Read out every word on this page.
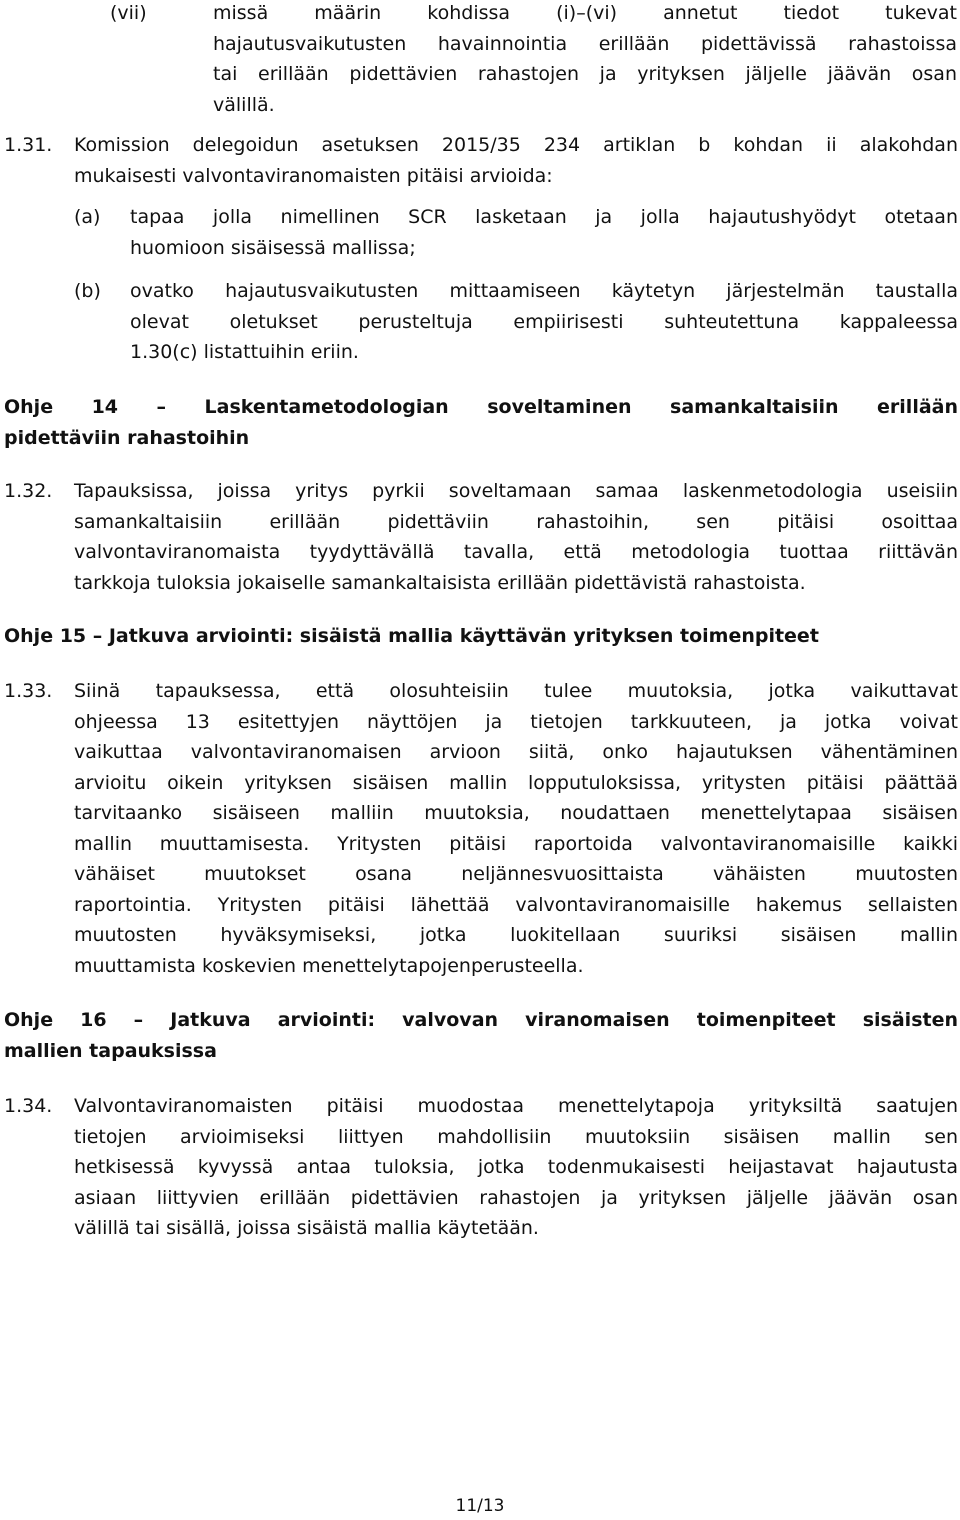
(vii)	missä määrin kohdissa (i)–(vi) annetut tiedot tukevat
hajautusvaikutusten havainnointia erillään pidettävissä rahastoissa
tai erillään pidettävien rahastojen ja yrityksen jäljelle jäävän osan
välillä.
1.31. Komission delegoidun asetuksen 2015/35 234 artiklan b kohdan ii alakohdan
mukaisesti valvontaviranomaisten pitäisi arvioida:
(a) tapaa jolla nimellinen SCR lasketaan ja jolla hajautushyödyt otetaan
huomioon sisäisessä mallissa;
(b) ovatko hajautusvaikutusten mittaamiseen käytetyn järjestelmän taustalla
olevat oletukset perusteltuja empiirisesti suhteutettuna kappaleessa
1.30(c) listattuihin eriin.
Ohje 14 – Laskentametodologian soveltaminen samankaltaisiin erillään
pidettäviin rahastoihin
1.32. Tapauksissa, joissa yritys pyrkii soveltamaan samaa laskenmetodologia useisiin
samankaltaisiin erillään pidettäviin rahastoihin, sen pitäisi osoittaa
valvontaviranomaista tyydyttävällä tavalla, että metodologia tuottaa riittävän
tarkkoja tuloksia jokaiselle samankaltaisista erillään pidettävistä rahastoista.
Ohje 15 – Jatkuva arviointi: sisäistä mallia käyttävän yrityksen toimenpiteet
1.33. Siinä tapauksessa, että olosuhteisiin tulee muutoksia, jotka vaikuttavat
ohjeessa 13 esitettyjen näyttöjen ja tietojen tarkkuuteen, ja jotka voivat
vaikuttaa valvontaviranomaisen arvioon siitä, onko hajautuksen vähentäminen
arvioitu oikein yrityksen sisäisen mallin lopputuloksissa, yritysten pitäisi päättää
tarvitaanko sisäiseen malliin muutoksia, noudattaen menettelytapaa sisäisen
mallin muuttamisesta. Yritysten pitäisi raportoida valvontaviranomaisille kaikki
vähäiset muutokset osana neljännesvuosittaista vähäisten muutosten
raportointia. Yritysten pitäisi lähettää valvontaviranomaisille hakemus sellaisten
muutosten hyväksymiseksi, jotka luokitellaan suuriksi sisäisen mallin
muuttamista koskevien menettelytapojenperusteella.
Ohje 16 – Jatkuva arviointi: valvovan viranomaisen toimenpiteet sisäisten
mallien tapauksissa
1.34. Valvontaviranomaisten pitäisi muodostaa menettelytapoja yrityksiltä saatujen
tietojen arvioimiseksi liittyen mahdollisiin muutoksiin sisäisen mallin sen
hetkisessä kyvyssä antaa tuloksia, jotka todenmukaisesti heijastavat hajautusta
asiaan liittyvien erillään pidettävien rahastojen ja yrityksen jäljelle jäävän osan
välillä tai sisällä, joissa sisäistä mallia käytetään.
11/13
